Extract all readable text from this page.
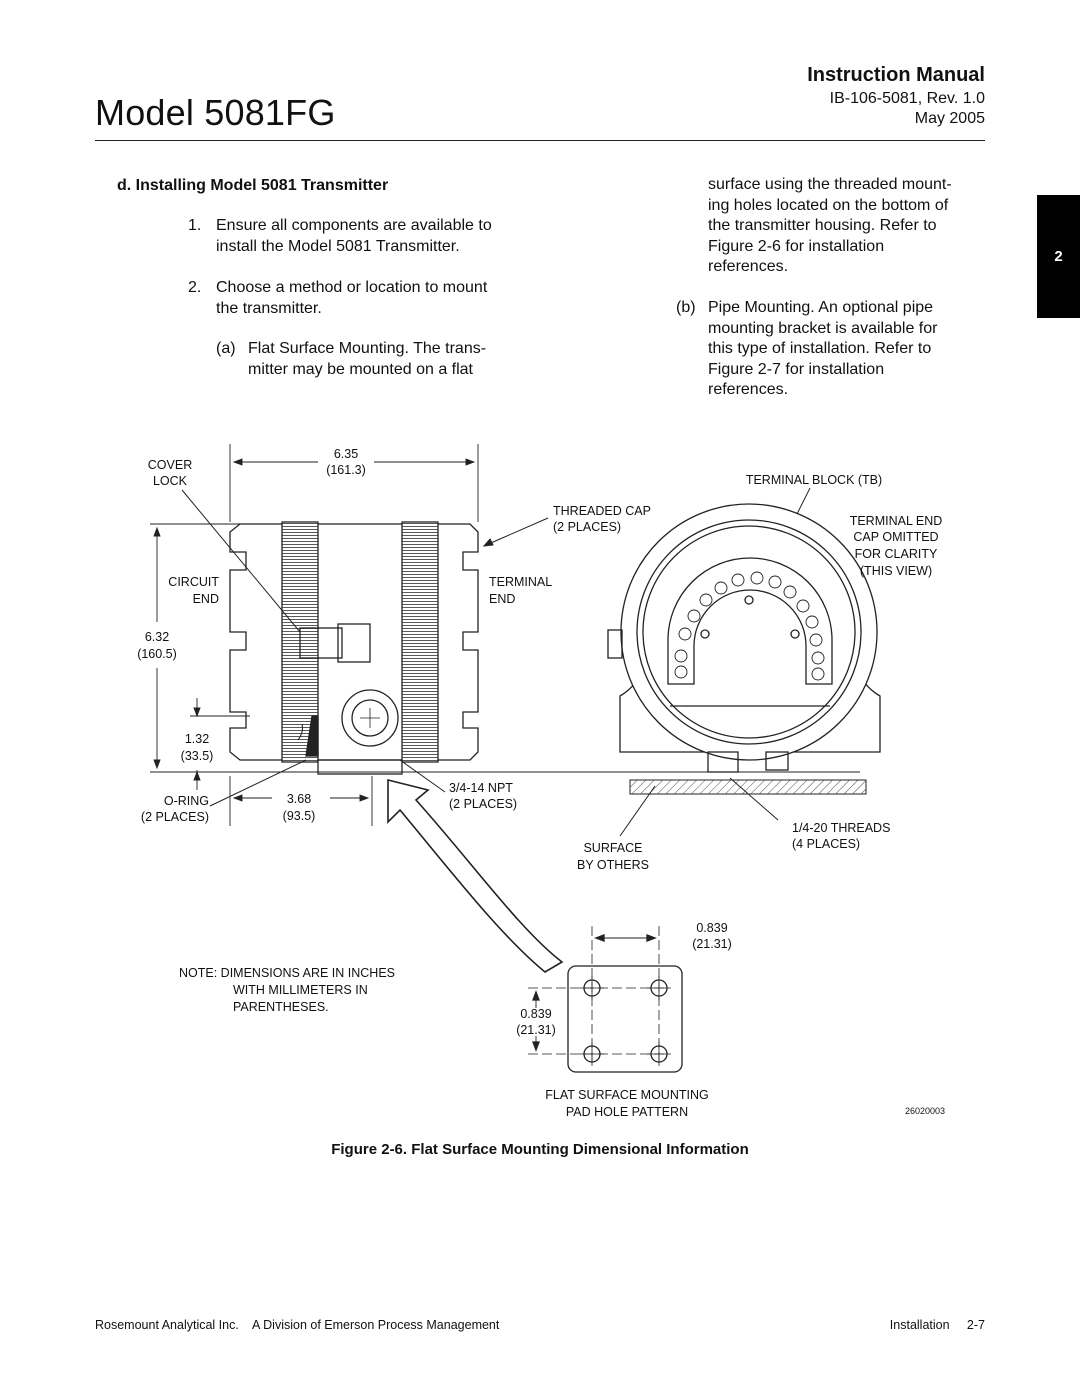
Model 5081FG
Instruction Manual
IB-106-5081, Rev. 1.0
May 2005
2
d. Installing Model 5081 Transmitter
1. Ensure all components are available to
install the Model 5081 Transmitter.
2. Choose a method or location to mount
the transmitter.
(a) Flat Surface Mounting. The trans-
mitter may be mounted on a flat
surface using the threaded mount-
ing holes located on the bottom of
the transmitter housing. Refer to
Figure 2-6 for installation
references.
(b) Pipe Mounting. An optional pipe
mounting bracket is available for
this type of installation. Refer to
Figure 2-7 for installation
references.
COVER
LOCK
6.35
(161.3)
THREADED CAP
(2 PLACES)
TERMINAL BLOCK (TB)
TERMINAL END
CAP OMITTED
FOR CLARITY
(THIS VIEW)
CIRCUIT
END
TERMINAL
END
6.32
(160.5)
1.32
(33.5)
O-RING
(2 PLACES)
3.68
(93.5)
3/4-14 NPT
(2 PLACES)
1/4-20 THREADS
(4 PLACES)
SURFACE
BY OTHERS
0.839
(21.31)
0.839
(21.31)
NOTE: DIMENSIONS ARE IN INCHES
WITH MILLIMETERS IN
PARENTHESES.
FLAT SURFACE MOUNTING
PAD HOLE PATTERN	26020003
Figure 2-6. Flat Surface Mounting Dimensional Information
Rosemount Analytical Inc.    A Division of Emerson Process Management	Installation     2-7
